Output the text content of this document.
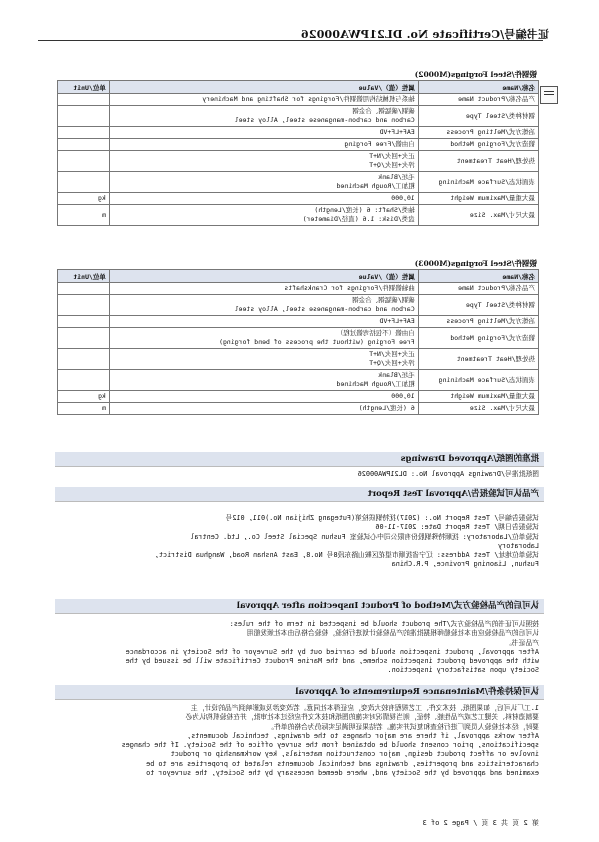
证书编号/Certificate No. DL21PWA00026
锻钢件/Steel Forgings(M0002)
名称/Name	属性（值）/Value	单位/Unit
产品名称/Product Name	轴系与机械结构用锻钢件/Forgings for Shafting and Machinery	

钢材种类/Steel Type	碳钢/碳锰钢、合金钢
Carbon and carbon-manganese steel, Alloy steel	

冶炼方式/Melting Process	EAF+LF+VD	

锻造方式/Forging Method	自由锻/Free Forging	

热处理/Heat Treatment	正火+回火/N+T
淬火+回火/Q+T	

表面状态/Surface Machining	毛坯/Blank
粗加工/Rough Machined	

最大重量/Maximum Weight	10,000	kg
最大尺寸/Max. Size	轴类/Shaft: 6 (长度/Length)
盘类/Disk: 1.6 (直径/Diameter)	m
锻钢件/Steel Forgings(M0003)
名称/Name	属性（值）/Value	单位/Unit
产品名称/Product Name	曲轴锻钢件/Forgings for Crankshafts	

钢材种类/Steel Type	碳钢/碳锰钢、合金钢
Carbon and carbon-manganese steel, Alloy steel	

冶炼方式/Melting Process	EAF+LF+VD	

锻造方式/Forging Method	自由锻（不包括弯锻过程）
Free Forging (without the process of bend forging)	

热处理/Heat Treatment	正火+回火/N+T
淬火+回火/Q+T	

表面状态/Surface Machining	毛坯/Blank
粗加工/Rough Machined	

最大重量/Maximum Weight	10,000	kg
最大尺寸/Max. Size	6 (长度/Length)	m
批准的图纸/Approved Drawings
图纸批准号/Drawings Approval No.: DL21PWA00026
产品认可试验报告/Approval Test Report
试验报告编号/ Test Report No.: (2017)抚特钢质检第(Futegang Zhijian No.)011, 012号
试验报告日期/ Test Report Date: 2017-11-06
试验单位/Laboratory: 抚顺特殊钢股份有限公司中心试验室 Fushun Special Steel Co., Ltd. Central
Laboratory
试验单位地址/ Test Address: 辽宁省抚顺市望花区鞍山路东段8号 No.8, East Anshan Road, Wanghua District,
Fushun, Liaoning Province, P.R.China
认可后的产品检验方式/Method of Product Inspection after Approval
按照认可证书的产品检验方式/The product should be inspected in term of the rules:
认可后的产品检验应由本社验船师根据批准的产品检验计划进行检验，检验合格后由本社颁发船用
产品证书。
After approval, product inspection should be carried out by the Surveyor of the Society in accordance
with the approved product inspection scheme, and the Marine Product Certificate will be issued by the
Society upon satisfactory inspection.
认可保持条件/Maintenance Requirements of Approval
1.工厂认可后，如果图纸、技术文件、工艺规程有较大改变，应征得本社同意。若改变涉及或影响到产品的设计，主
要制造材料、关键工艺或产品性能、特征，则当视情况对实施的图纸和技术文件应经过本社审批，并在检验机构认为必
要时，经本社检验人员到厂进行检查和复试并实施。若结果证明满足实际仍为合格的单件。
After works approval, if there are major changes to the drawings, technical documents,
specifications, prior consent should be obtained from the survey office of the Society. If the changes
involve or affect product design, major construction materials, key workmanship or product
characteristics and properties, drawings and technical documents related to properties are to be
examined and approved by the Society and, where deemed necessary by the Society, the surveyor to
第 2 页 共 3 页 / Page 2 of 3
